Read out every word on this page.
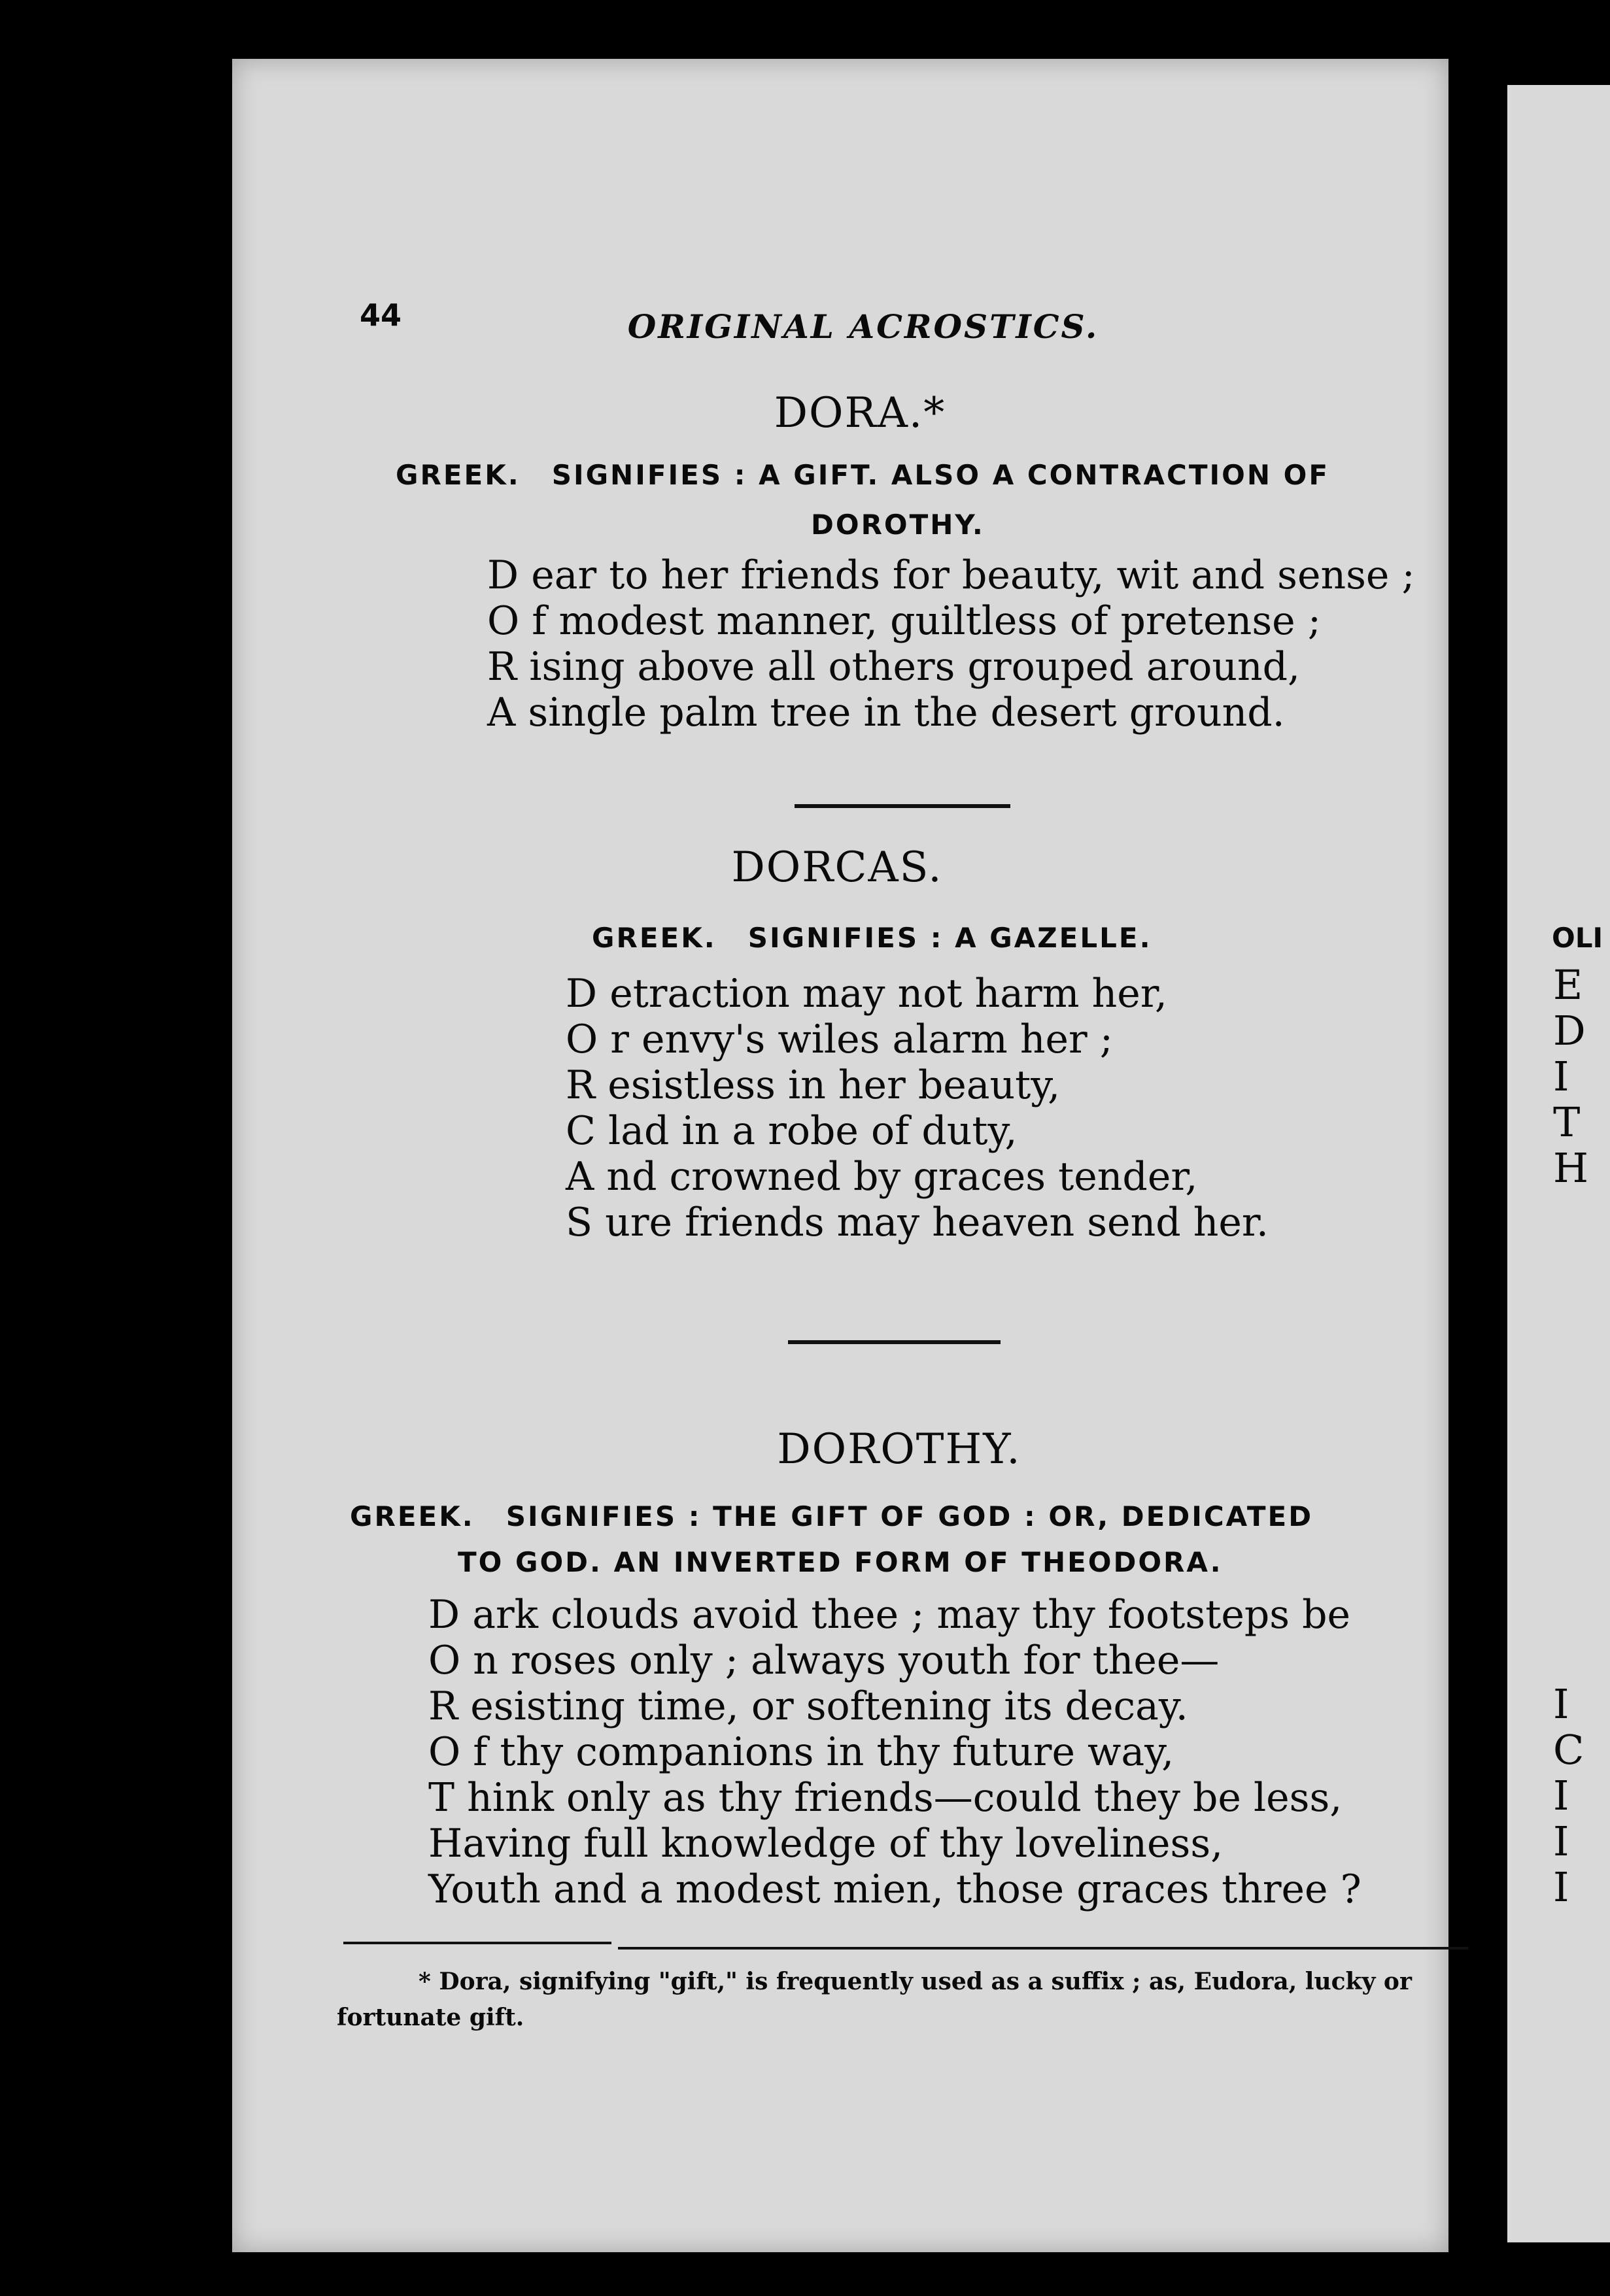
44	ORIGINAL ACROSTICS.
DORA.*
GREEK. SIGNIFIES : A GIFT. ALSO A CONTRACTION OF
DOROTHY.
D ear to her friends for beauty, wit and sense ;
O f modest manner, guiltless of pretense ;
R ising above all others grouped around,
A single palm tree in the desert ground.
DORCAS.
GREEK. SIGNIFIES : A GAZELLE.
D etraction may not harm her,
O r envy's wiles alarm her ;
R esistless in her beauty,
C lad in a robe of duty,
A nd crowned by graces tender,
S ure friends may heaven send her.
DOROTHY.
GREEK. SIGNIFIES : THE GIFT OF GOD : OR, DEDICATED
TO GOD. AN INVERTED FORM OF THEODORA.
D ark clouds avoid thee ; may thy footsteps be
O n roses only ; always youth for thee—
R esisting time, or softening its decay.
O f thy companions in thy future way,
T hink only as thy friends—could they be less,
Having full knowledge of thy loveliness,
Youth and a modest mien, those graces three ?
* Dora, signifying "gift," is frequently used as a suffix ; as, Eudora, lucky or
fortunate gift.
OLI
E
D
I
T
H
I
C
I
I
I
